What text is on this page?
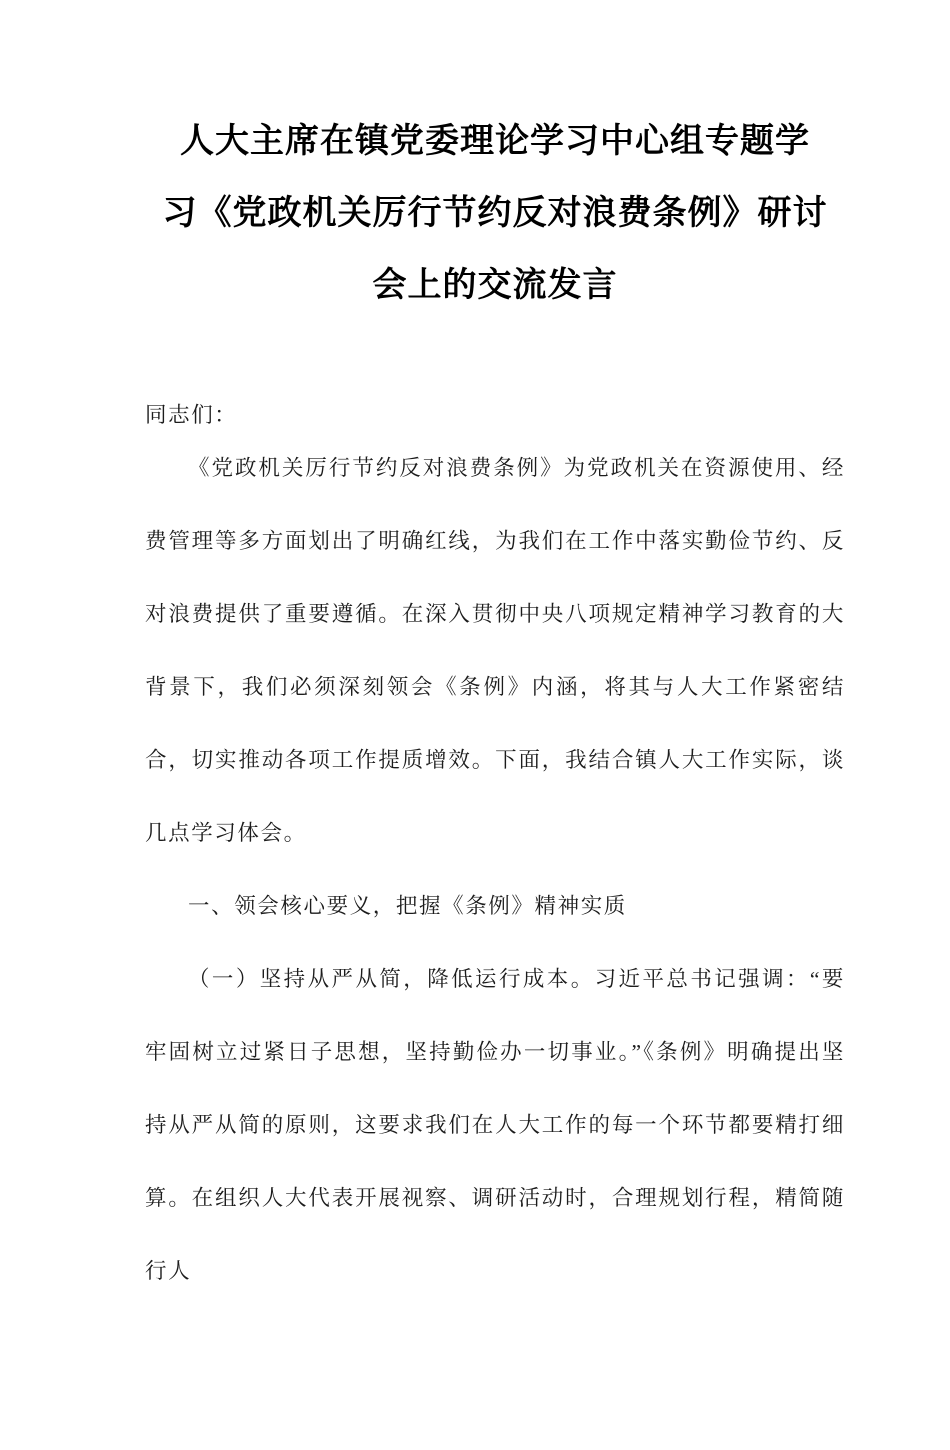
人大主席在镇党委理论学习中心组专题学
习《党政机关厉行节约反对浪费条例》研讨
会上的交流发言

同志们：

《党政机关厉行节约反对浪费条例》为党政机关在资源使用、经费管理等多方面划出了明确红线，为我们在工作中落实勤俭节约、反对浪费提供了重要遵循。在深入贯彻中央八项规定精神学习教育的大背景下，我们必须深刻领会《条例》内涵，将其与人大工作紧密结合，切实推动各项工作提质增效。下面，我结合镇人大工作实际，谈几点学习体会。

一、领会核心要义，把握《条例》精神实质

（一）坚持从严从简，降低运行成本。习近平总书记强调：“要牢固树立过紧日子思想，坚持勤俭办一切事业。”《条例》明确提出坚持从严从简的原则，这要求我们在人大工作的每一个环节都要精打细算。在组织人大代表开展视察、调研活动时，合理规划行程，精简随行人
